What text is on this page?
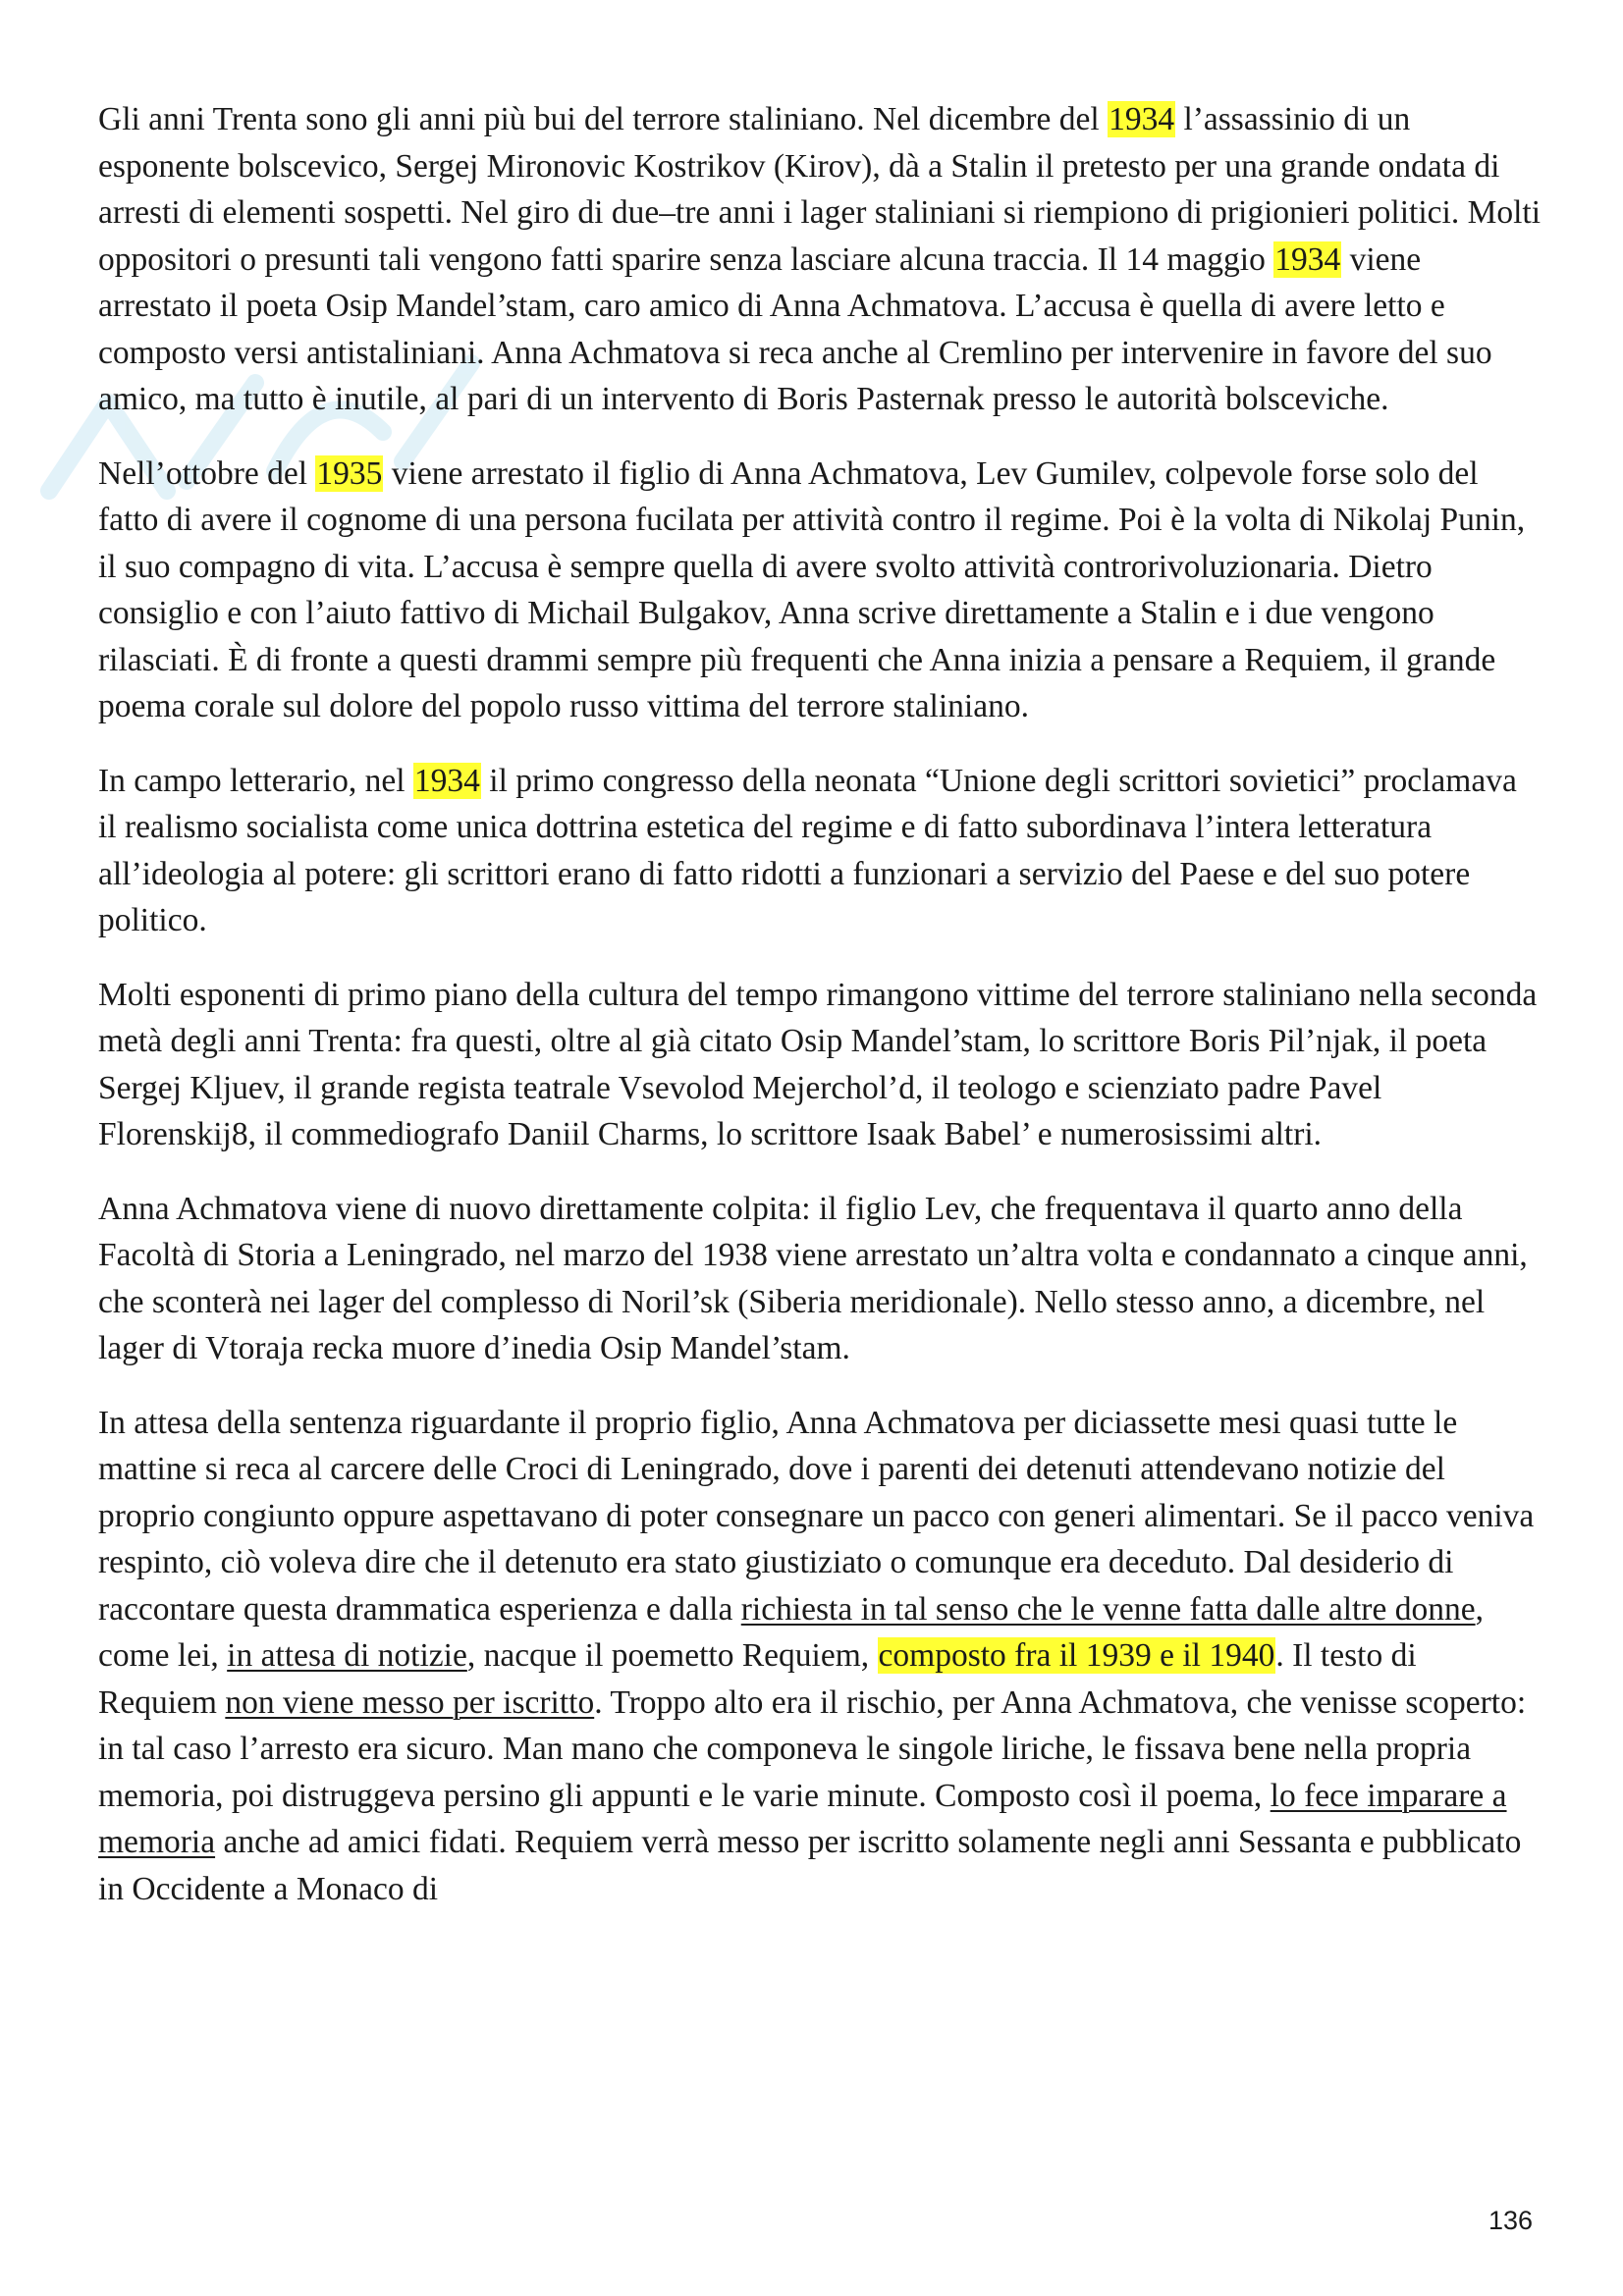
Gli anni Trenta sono gli anni più bui del terrore staliniano. Nel dicembre del 1934 l’assassinio di un esponente bolscevico, Sergej Mironovic Kostrikov (Kirov), dà a Stalin il pretesto per una grande ondata di arresti di elementi sospetti. Nel giro di due–tre anni i lager staliniani si riempiono di prigionieri politici. Molti oppositori o presunti tali vengono fatti sparire senza lasciare alcuna traccia. Il 14 maggio 1934 viene arrestato il poeta Osip Mandel’stam, caro amico di Anna Achmatova. L’accusa è quella di avere letto e composto versi antistaliniani. Anna Achmatova si reca anche al Cremlino per intervenire in favore del suo amico, ma tutto è inutile, al pari di un intervento di Boris Pasternak presso le autorità bolsceviche.

Nell’ottobre del 1935 viene arrestato il figlio di Anna Achmatova, Lev Gumilev, colpevole forse solo del fatto di avere il cognome di una persona fucilata per attività contro il regime. Poi è la volta di Nikolaj Punin, il suo compagno di vita. L’accusa è sempre quella di avere svolto attività controrivoluzionaria. Dietro consiglio e con l’aiuto fattivo di Michail Bulgakov, Anna scrive direttamente a Stalin e i due vengono rilasciati. È di fronte a questi drammi sempre più frequenti che Anna inizia a pensare a Requiem, il grande poema corale sul dolore del popolo russo vittima del terrore staliniano.

In campo letterario, nel 1934 il primo congresso della neonata “Unione degli scrittori sovietici” proclamava il realismo socialista come unica dottrina estetica del regime e di fatto subordinava l’intera letteratura all’ideologia al potere: gli scrittori erano di fatto ridotti a funzionari a servizio del Paese e del suo potere politico.

Molti esponenti di primo piano della cultura del tempo rimangono vittime del terrore staliniano nella seconda metà degli anni Trenta: fra questi, oltre al già citato Osip Mandel’stam, lo scrittore Boris Pil’njak, il poeta Sergej Kljuev, il grande regista teatrale Vsevolod Mejerchol’d, il teologo e scienziato padre Pavel Florenskij8, il commediografo Daniil Charms, lo scrittore Isaak Babel’ e numerosissimi altri.

Anna Achmatova viene di nuovo direttamente colpita: il figlio Lev, che frequentava il quarto anno della Facoltà di Storia a Leningrado, nel marzo del 1938 viene arrestato un’altra volta e condannato a cinque anni, che sconterà nei lager del complesso di Noril’sk (Siberia meridionale). Nello stesso anno, a dicembre, nel lager di Vtoraja recka muore d’inedia Osip Mandel’stam.

In attesa della sentenza riguardante il proprio figlio, Anna Achmatova per diciassette mesi quasi tutte le mattine si reca al carcere delle Croci di Leningrado, dove i parenti dei detenuti attendevano notizie del proprio congiunto oppure aspettavano di poter consegnare un pacco con generi alimentari. Se il pacco veniva respinto, ciò voleva dire che il detenuto era stato giustiziato o comunque era deceduto. Dal desiderio di raccontare questa drammatica esperienza e dalla richiesta in tal senso che le venne fatta dalle altre donne, come lei, in attesa di notizie, nacque il poemetto Requiem, composto fra il 1939 e il 1940. Il testo di Requiem non viene messo per iscritto. Troppo alto era il rischio, per Anna Achmatova, che venisse scoperto: in tal caso l’arresto era sicuro. Man mano che componeva le singole liriche, le fissava bene nella propria memoria, poi distruggeva persino gli appunti e le varie minute. Composto così il poema, lo fece imparare a memoria anche ad amici fidati. Requiem verrà messo per iscritto solamente negli anni Sessanta e pubblicato in Occidente a Monaco di

136
